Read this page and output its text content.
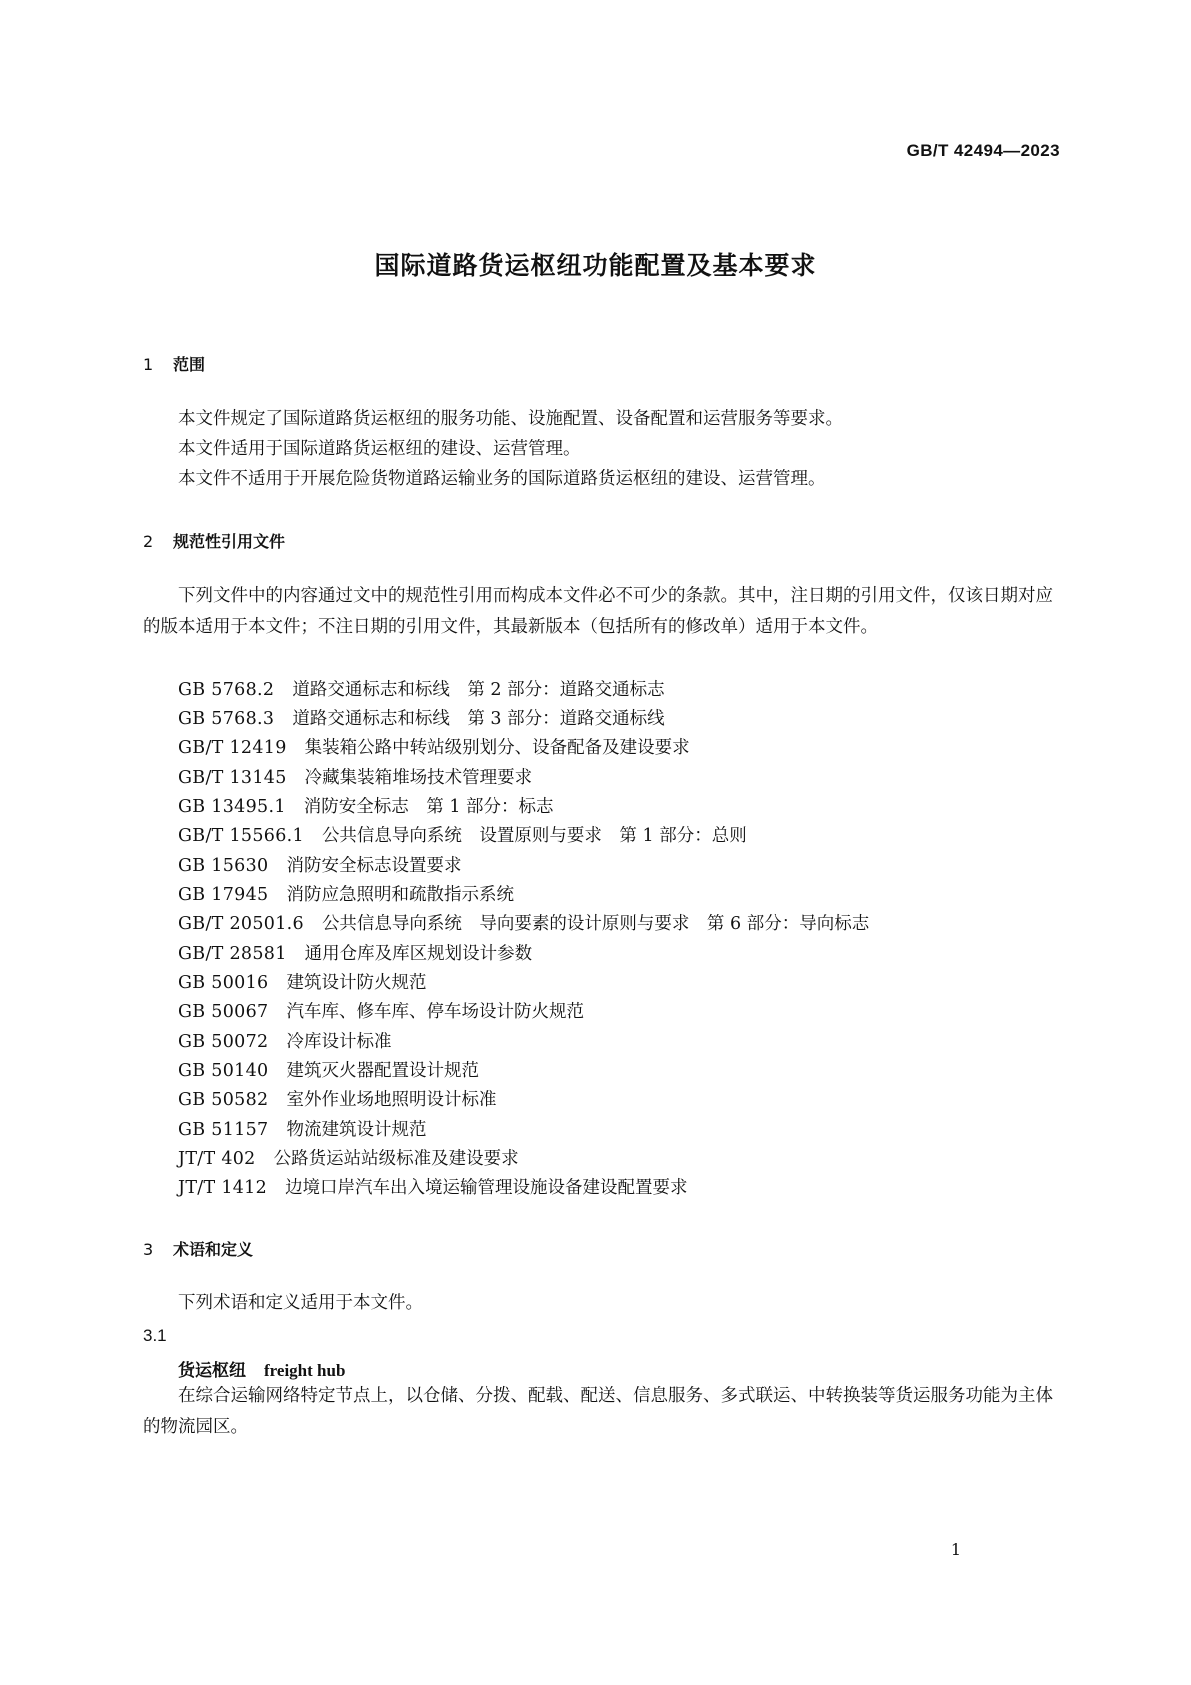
GB/T 42494—2023
国际道路货运枢纽功能配置及基本要求
1 范围
本文件规定了国际道路货运枢纽的服务功能、设施配置、设备配置和运营服务等要求。
本文件适用于国际道路货运枢纽的建设、运营管理。
本文件不适用于开展危险货物道路运输业务的国际道路货运枢纽的建设、运营管理。
2 规范性引用文件
下列文件中的内容通过文中的规范性引用而构成本文件必不可少的条款。其中，注日期的引用文件，仅该日期对应的版本适用于本文件；不注日期的引用文件，其最新版本（包括所有的修改单）适用于本文件。
GB 5768.2 道路交通标志和标线　第 2 部分：道路交通标志
GB 5768.3 道路交通标志和标线　第 3 部分：道路交通标线
GB/T 12419 集装箱公路中转站级别划分、设备配备及建设要求
GB/T 13145 冷藏集装箱堆场技术管理要求
GB 13495.1 消防安全标志　第 1 部分：标志
GB/T 15566.1 公共信息导向系统　设置原则与要求　第 1 部分：总则
GB 15630 消防安全标志设置要求
GB 17945 消防应急照明和疏散指示系统
GB/T 20501.6 公共信息导向系统　导向要素的设计原则与要求　第 6 部分：导向标志
GB/T 28581 通用仓库及库区规划设计参数
GB 50016 建筑设计防火规范
GB 50067 汽车库、修车库、停车场设计防火规范
GB 50072 冷库设计标准
GB 50140 建筑灭火器配置设计规范
GB 50582 室外作业场地照明设计标准
GB 51157 物流建筑设计规范
JT/T 402 公路货运站站级标准及建设要求
JT/T 1412 边境口岸汽车出入境运输管理设施设备建设配置要求
3 术语和定义
下列术语和定义适用于本文件。
3.1
货运枢纽 freight hub
在综合运输网络特定节点上，以仓储、分拨、配载、配送、信息服务、多式联运、中转换装等货运服务功能为主体的物流园区。
1
